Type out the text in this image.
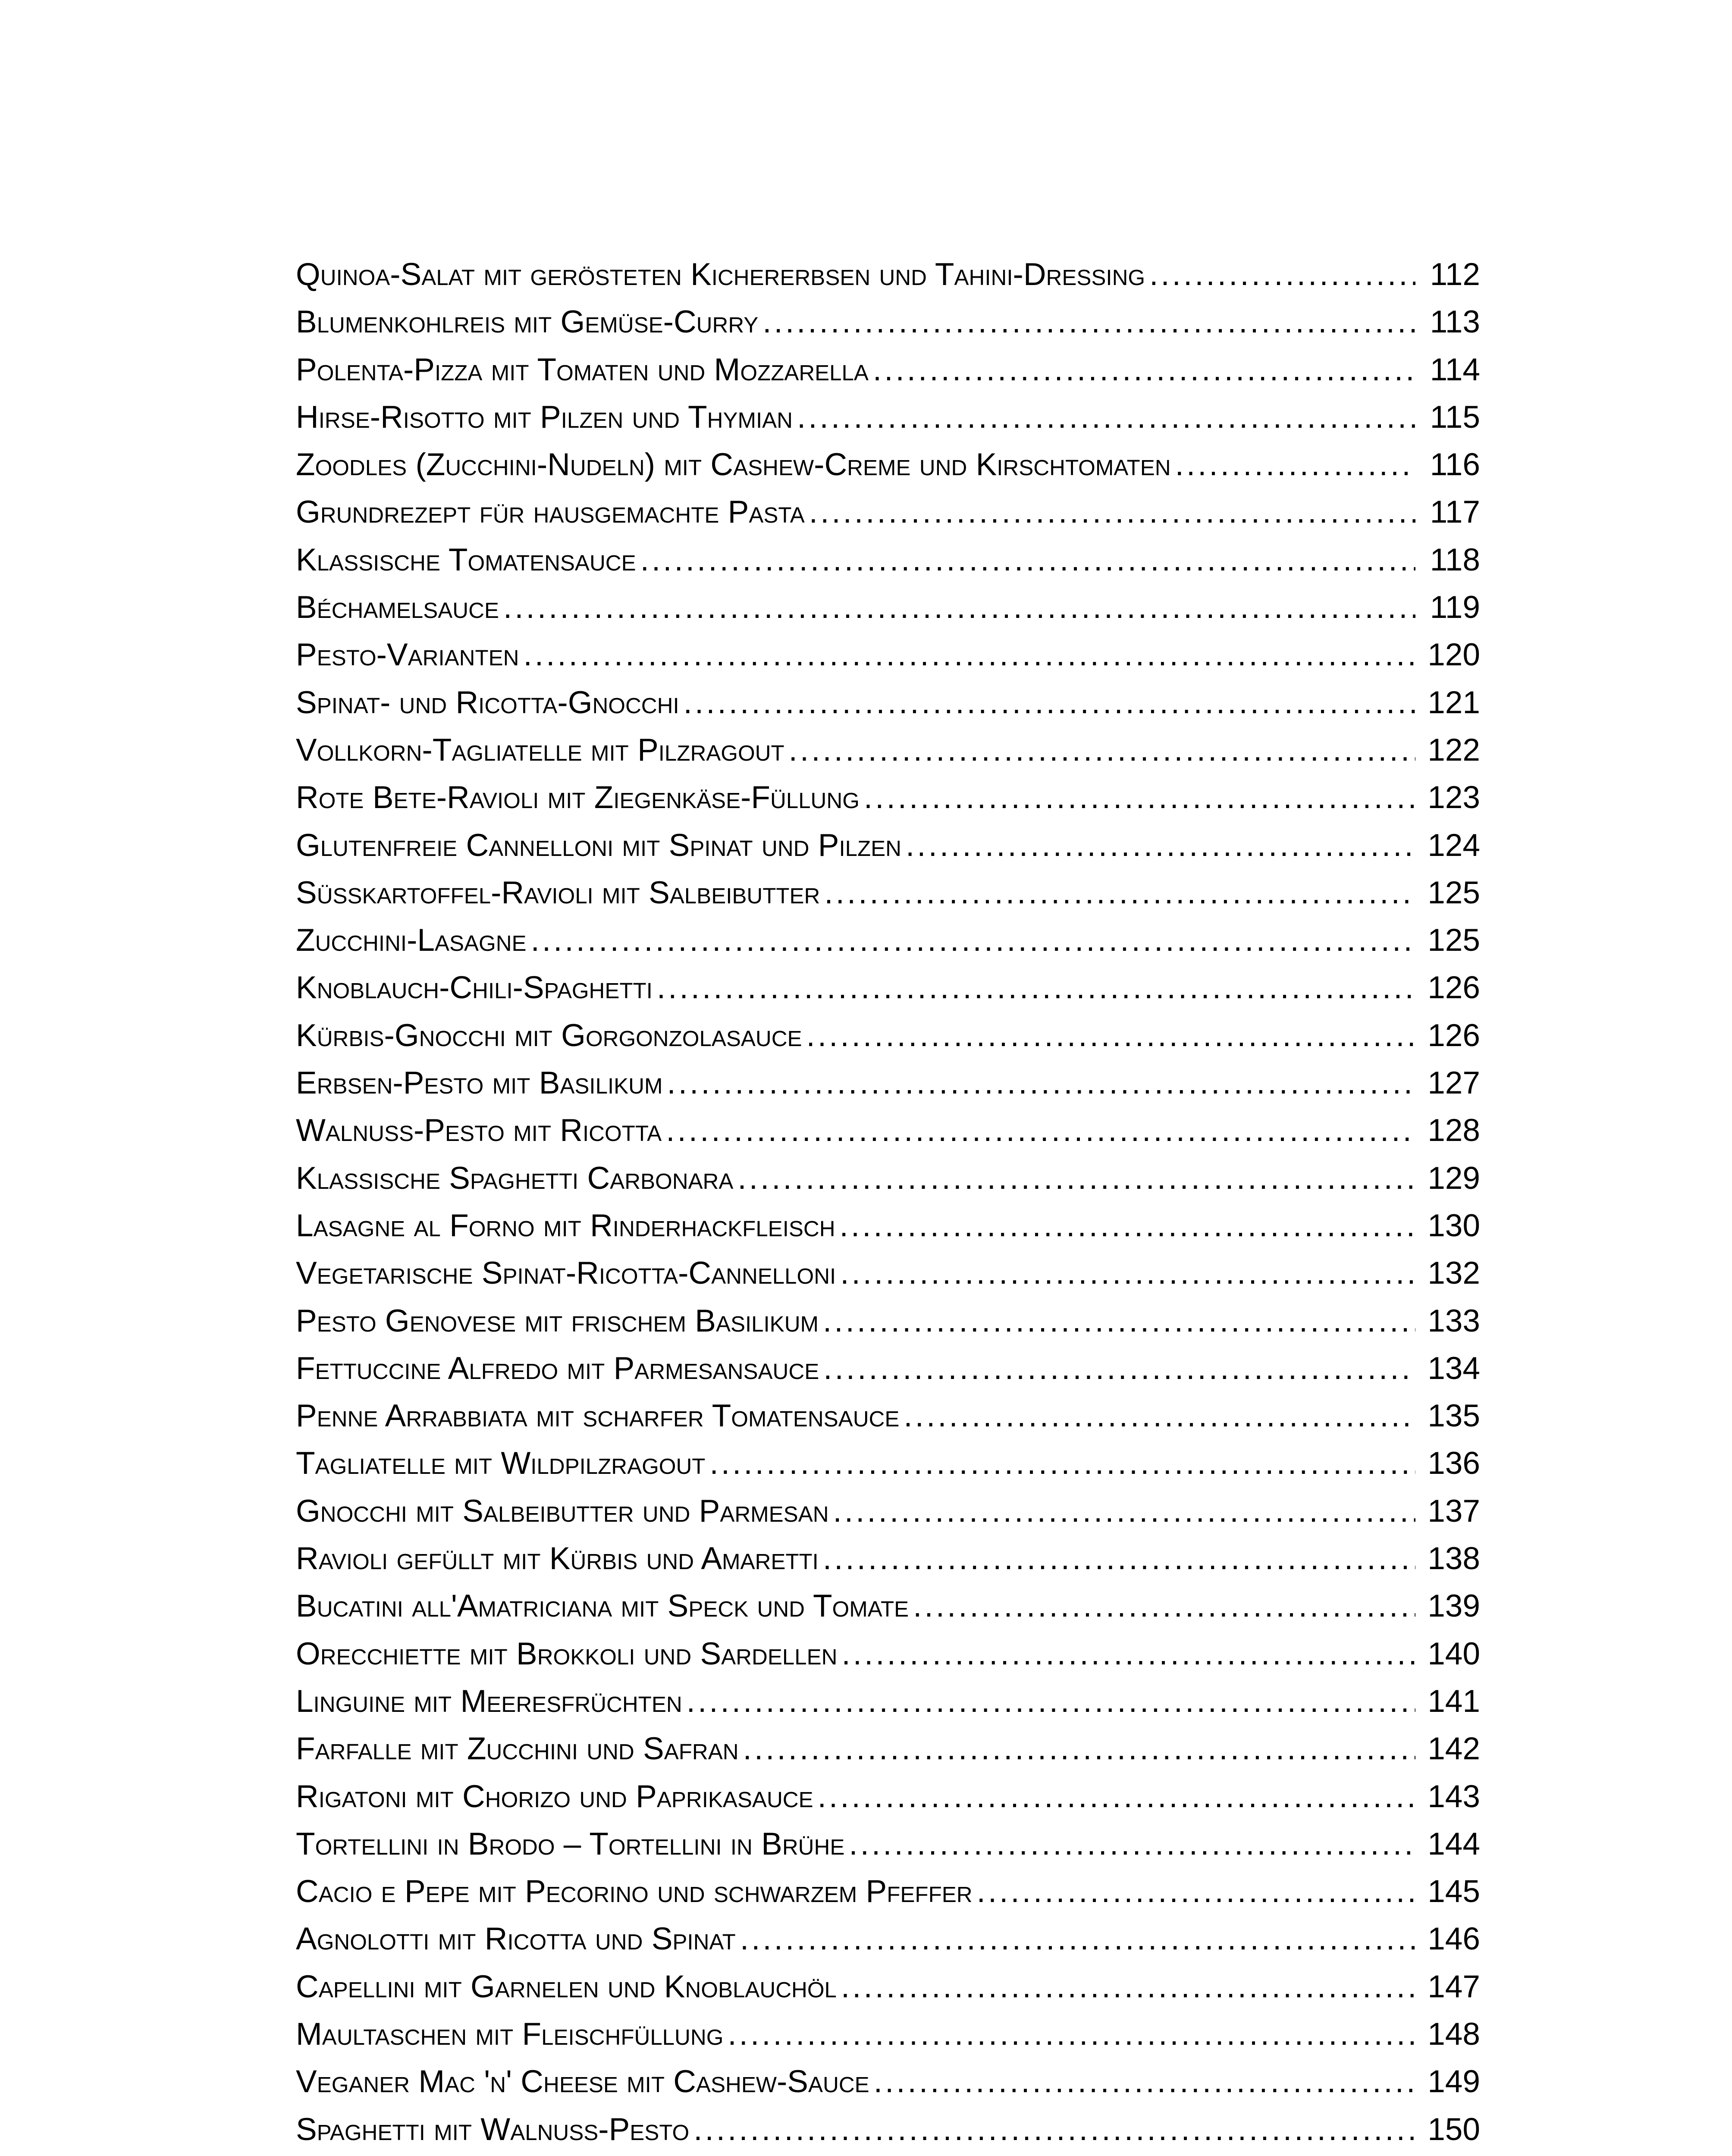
Quinoa-Salat mit gerösteten Kichererbsen und Tahini-Dressing .....	112
Blumenkohlreis mit Gemüse-Curry .....	113
Polenta-Pizza mit Tomaten und Mozzarella .....	114
Hirse-Risotto mit Pilzen und Thymian .....	115
Zoodles (Zucchini-Nudeln) mit Cashew-Creme und Kirschtomaten .....	116
Grundrezept für hausgemachte Pasta .....	117
Klassische Tomatensauce .....	118
Béchamelsauce .....	119
Pesto-Varianten .....	120
Spinat- und Ricotta-Gnocchi .....	121
Vollkorn-Tagliatelle mit Pilzragout .....	122
Rote Bete-Ravioli mit Ziegenkäse-Füllung .....	123
Glutenfreie Cannelloni mit Spinat und Pilzen .....	124
Süßkartoffel-Ravioli mit Salbeibutter .....	125
Zucchini-Lasagne .....	125
Knoblauch-Chili-Spaghetti .....	126
Kürbis-Gnocchi mit Gorgonzolasauce .....	126
Erbsen-Pesto mit Basilikum .....	127
Walnuss-Pesto mit Ricotta .....	128
Klassische Spaghetti Carbonara .....	129
Lasagne al Forno mit Rinderhackfleisch .....	130
Vegetarische Spinat-Ricotta-Cannelloni .....	132
Pesto Genovese mit frischem Basilikum .....	133
Fettuccine Alfredo mit Parmesansauce .....	134
Penne Arrabbiata mit scharfer Tomatensauce .....	135
Tagliatelle mit Wildpilzragout .....	136
Gnocchi mit Salbeibutter und Parmesan .....	137
Ravioli gefüllt mit Kürbis und Amaretti .....	138
Bucatini all'Amatriciana mit Speck und Tomate .....	139
Orecchiette mit Brokkoli und Sardellen .....	140
Linguine mit Meeresfrüchten .....	141
Farfalle mit Zucchini und Safran .....	142
Rigatoni mit Chorizo und Paprikasauce .....	143
Tortellini in Brodo – Tortellini in Brühe .....	144
Cacio e Pepe mit Pecorino und schwarzem Pfeffer .....	145
Agnolotti mit Ricotta und Spinat .....	146
Capellini mit Garnelen und Knoblauchöl .....	147
Maultaschen mit Fleischfüllung .....	148
Veganer Mac 'n' Cheese mit Cashew-Sauce .....	149
Spaghetti mit Walnuss-Pesto .....	150
.....
